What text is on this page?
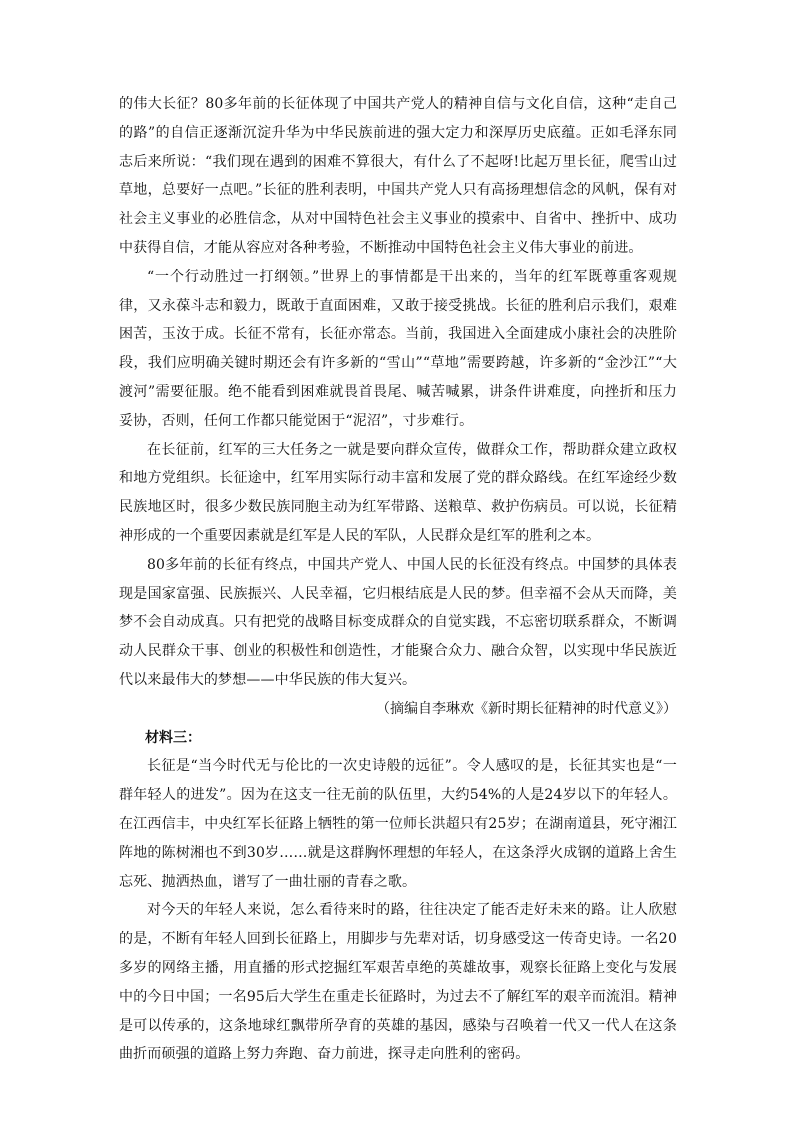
的伟大长征？80多年前的长征体现了中国共产党人的精神自信与文化自信，这种“走自己的路”的自信正逐渐沉淀升华为中华民族前进的强大定力和深厚历史底蕴。正如毛泽东同志后来所说：“我们现在遇到的困难不算很大，有什么了不起呀!比起万里长征，爬雪山过草地，总要好一点吧。”长征的胜利表明，中国共产党人只有高扬理想信念的风帆，保有对社会主义事业的必胜信念，从对中国特色社会主义事业的摸索中、自省中、挫折中、成功中获得自信，才能从容应对各种考验，不断推动中国特色社会主义伟大事业的前进。

“一个行动胜过一打纲领。”世界上的事情都是干出来的，当年的红军既尊重客观规律，又永葆斗志和毅力，既敢于直面困难，又敢于接受挑战。长征的胜利启示我们，艰难困苦，玉汝于成。长征不常有，长征亦常态。当前，我国进入全面建成小康社会的决胜阶段，我们应明确关键时期还会有许多新的“雪山”“草地”需要跨越，许多新的“金沙江”“大渡河”需要征服。绝不能看到困难就畏首畏尾、喊苦喊累，讲条件讲难度，向挫折和压力妥协，否则，任何工作都只能觉困于“泥沼”，寸步难行。

在长征前，红军的三大任务之一就是要向群众宣传，做群众工作，帮助群众建立政权和地方党组织。长征途中，红军用实际行动丰富和发展了党的群众路线。在红军途经少数民族地区时，很多少数民族同胞主动为红军带路、送粮草、救护伤病员。可以说，长征精神形成的一个重要因素就是红军是人民的军队，人民群众是红军的胜利之本。

80多年前的长征有终点，中国共产党人、中国人民的长征没有终点。中国梦的具体表现是国家富强、民族振兴、人民幸福，它归根结底是人民的梦。但幸福不会从天而降，美梦不会自动成真。只有把党的战略目标变成群众的自觉实践，不忘密切联系群众，不断调动人民群众干事、创业的积极性和创造性，才能聚合众力、融合众智，以实现中华民族近代以来最伟大的梦想——中华民族的伟大复兴。

（摘编自李琳欢《新时期长征精神的时代意义》）

材料三：

长征是“当今时代无与伦比的一次史诗般的远征”。令人感叹的是，长征其实也是“一群年轻人的进发”。因为在这支一往无前的队伍里，大约54%的人是24岁以下的年轻人。在江西信丰，中央红军长征路上牺牲的第一位师长洪超只有25岁；在湖南道县，死守湘江阵地的陈树湘也不到30岁……就是这群胸怀理想的年轻人，在这条浮火成钢的道路上舍生忘死、抛洒热血，谱写了一曲壮丽的青春之歌。

对今天的年轻人来说，怎么看待来时的路，往往决定了能否走好未来的路。让人欣慰的是，不断有年轻人回到长征路上，用脚步与先辈对话，切身感受这一传奇史诗。一名20多岁的网络主播，用直播的形式挖掘红军艰苦卓绝的英雄故事，观察长征路上变化与发展中的今日中国；一名95后大学生在重走长征路时，为过去不了解红军的艰辛而流泪。精神是可以传承的，这条地球红飘带所孕育的英雄的基因，感染与召唤着一代又一代人在这条曲折而硕强的道路上努力奔跑、奋力前进，探寻走向胜利的密码。
